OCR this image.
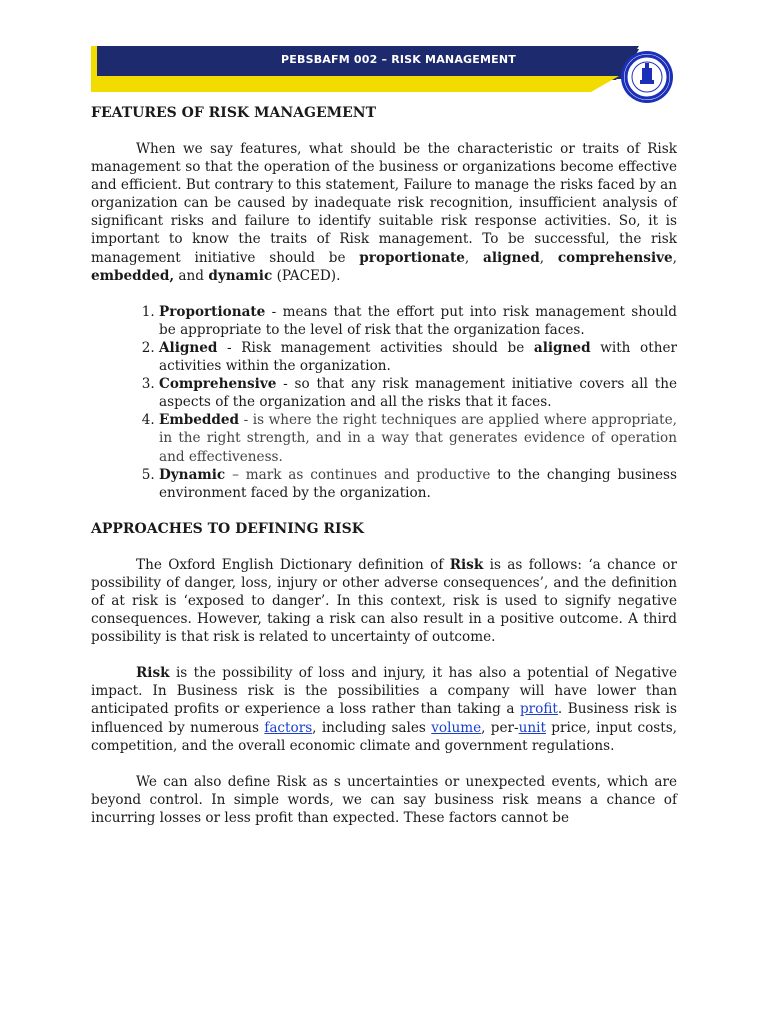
PEBSBAFM 002 – RISK MANAGEMENT
FEATURES OF RISK MANAGEMENT

When we say features, what should be the characteristic or traits of Risk management so that the operation of the business or organizations become effective and efficient. But contrary to this statement, Failure to manage the risks faced by an organization can be caused by inadequate risk recognition, insufficient analysis of significant risks and failure to identify suitable risk response activities. So, it is important to know the traits of Risk management. To be successful, the risk management initiative should be proportionate, aligned, comprehensive, embedded, and dynamic (PACED).

1. Proportionate - means that the effort put into risk management should be appropriate to the level of risk that the organization faces.
2. Aligned - Risk management activities should be aligned with other activities within the organization.
3. Comprehensive - so that any risk management initiative covers all the aspects of the organization and all the risks that it faces.
4. Embedded - is where the right techniques are applied where appropriate, in the right strength, and in a way that generates evidence of operation and effectiveness.
5. Dynamic – mark as continues and productive to the changing business environment faced by the organization.
APPROACHES TO DEFINING RISK

The Oxford English Dictionary definition of Risk is as follows: ‘a chance or possibility of danger, loss, injury or other adverse consequences’, and the definition of at risk is ‘exposed to danger’. In this context, risk is used to signify negative consequences. However, taking a risk can also result in a positive outcome. A third possibility is that risk is related to uncertainty of outcome.

Risk is the possibility of loss and injury, it has also a potential of Negative impact. In Business risk is the possibilities a company will have lower than anticipated profits or experience a loss rather than taking a profit. Business risk is influenced by numerous factors, including sales volume, per-unit price, input costs, competition, and the overall economic climate and government regulations.

We can also define Risk as s uncertainties or unexpected events, which are beyond control. In simple words, we can say business risk means a chance of incurring losses or less profit than expected. These factors cannot be
